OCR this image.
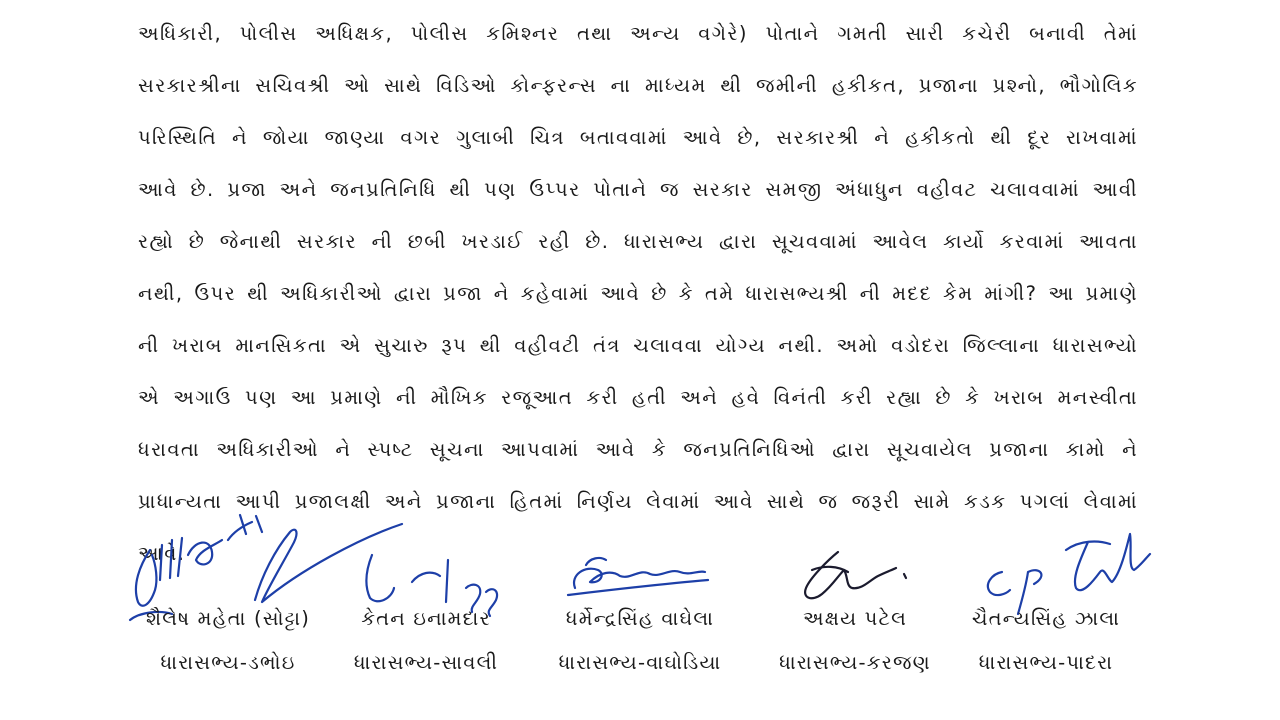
અધિકારી, પોલીસ અધિક્ષક, પોલીસ કમિશ્નર તથા અન્ય વગેરે) પોતાને ગમતી સારી કચેરી બનાવી તેમાં
સરકારશ્રીના સચિવશ્રી ઓ સાથે વિડિઓ કોન્ફરન્સ ના માધ્યમ થી જમીની હકીકત, પ્રજાના પ્રશ્નો, ભૌગોલિક
પરિસ્થિતિ ને જોયા જાણ્યા વગર ગુલાબી ચિત્ર બતાવવામાં આવે છે, સરકારશ્રી ને હકીકતો થી દૂર રાખવામાં
આવે છે. પ્રજા અને જનપ્રતિનિધિ થી પણ ઉપ્પર પોતાને જ સરકાર સમજી અંધાધુન વહીવટ ચલાવવામાં આવી
રહ્યો છે જેનાથી સરકાર ની છબી ખરડાઈ રહી છે. ધારાસભ્ય દ્વારા સૂચવવામાં આવેલ કાર્યો કરવામાં આવતા
નથી, ઉપર થી અધિકારીઓ દ્વારા પ્રજા ને કહેવામાં આવે છે કે તમે ધારાસભ્યશ્રી ની મદદ કેમ માંગી? આ પ્રમાણે
ની ખરાબ માનસિકતા એ સુચારુ રૂપ થી વહીવટી તંત્ર ચલાવવા યોગ્ય નથી. અમો વડોદરા જિલ્લાના ધારાસભ્યો
એ અગાઉ પણ આ પ્રમાણે ની મૌખિક રજૂઆત કરી હતી અને હવે વિનંતી કરી રહ્યા છે કે ખરાબ મનસ્વીતા
ધરાવતા અધિકારીઓ ને સ્પષ્ટ સૂચના આપવામાં આવે કે જનપ્રતિનિધિઓ દ્વારા સૂચવાયેલ પ્રજાના કામો ને
પ્રાધાન્યતા આપી પ્રજાલક્ષી અને પ્રજાના હિતમાં નિર્ણય લેવામાં આવે સાથે જ જરૂરી સામે કડક પગલાં લેવામાં
આવે.
શૈલેષ મહેતા (સોટ્ટા)
ધારાસભ્ય-ડભોઇ
કેતન ઇનામદાર
ધારાસભ્ય-સાવલી
ધર્મેન્દ્રસિંહ વાઘેલા
ધારાસભ્ય-વાઘોડિયા
અક્ષય પટેલ
ધારાસભ્ય-કરજણ
ચૈતન્યસિંહ ઝાલા
ધારાસભ્ય-પાદરા
